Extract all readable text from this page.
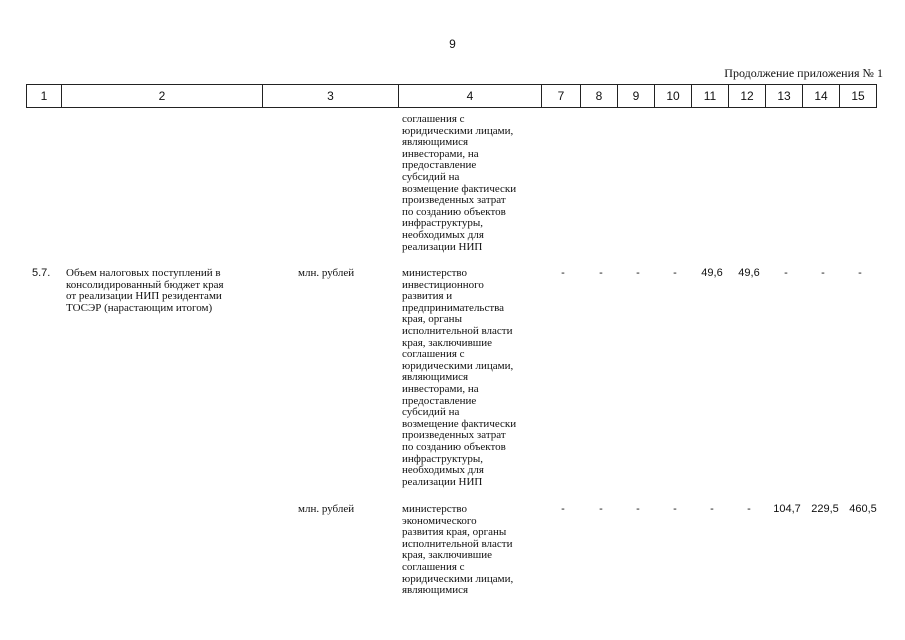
9
Продолжение приложения № 1
1	2	3	4	7	8	9	10	11	12	13	14	15
соглашения с
юридическими лицами,
являющимися
инвесторами, на
предоставление
субсидий на
возмещение фактически
произведенных затрат
по созданию объектов
инфраструктуры,
необходимых для
реализации НИП
5.7.	Объем налоговых поступлений в
консолидированный бюджет края
от реализации НИП резидентами
ТОСЭР (нарастающим итогом)
млн. рублей	министерство
инвестиционного
развития и
предпринимательства
края, органы
исполнительной власти
края, заключившие
соглашения с
юридическими лицами,
являющимися
инвесторами, на
предоставление
субсидий на
возмещение фактически
произведенных затрат
по созданию объектов
инфраструктуры,
необходимых для
реализации НИП
-	-	-	-	49,6	49,6	-	-	-
млн. рублей	министерство
экономического
развития края, органы
исполнительной власти
края, заключившие
соглашения с
юридическими лицами,
являющимися
-	-	-	-	-	-	104,7 229,5 460,5
